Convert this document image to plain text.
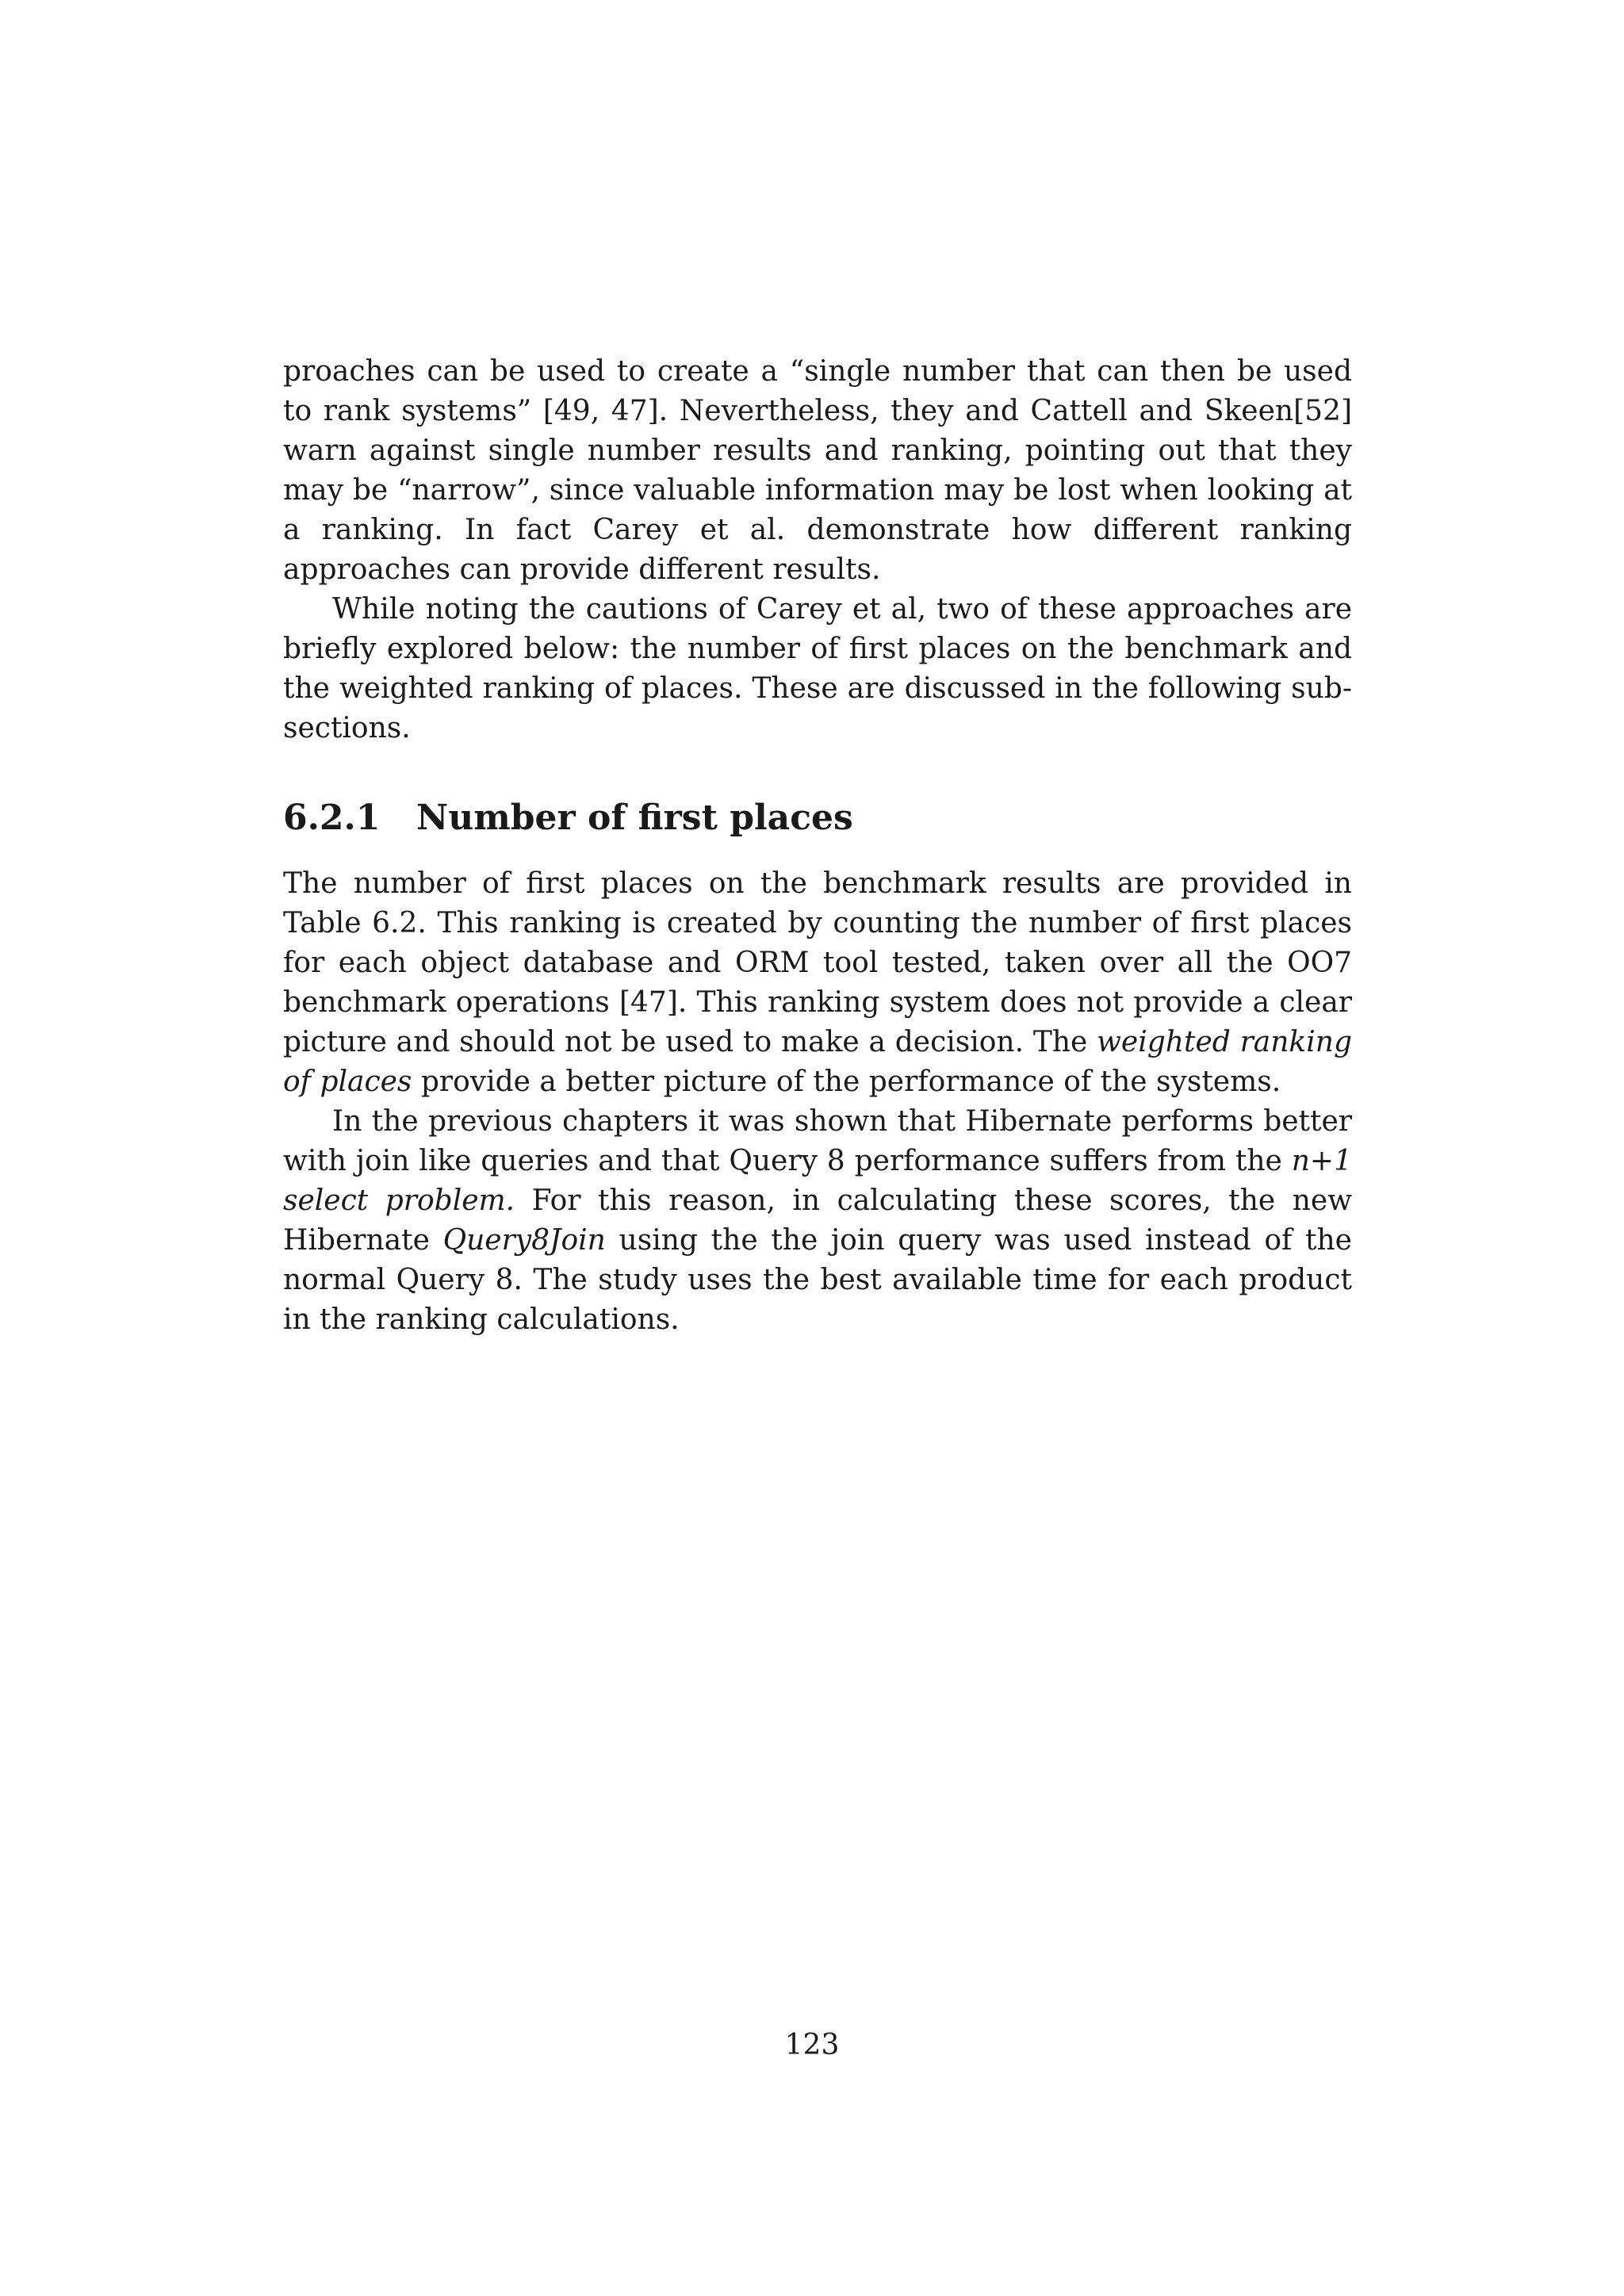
proaches can be used to create a “single number that can then be used to rank systems” [49, 47]. Nevertheless, they and Cattell and Skeen[52] warn against single number results and ranking, pointing out that they may be “narrow”, since valuable information may be lost when looking at a ranking. In fact Carey et al. demonstrate how different ranking approaches can provide different results.

While noting the cautions of Carey et al, two of these approaches are briefly explored below: the number of first places on the benchmark and the weighted ranking of places. These are discussed in the following sub-sections.

6.2.1	Number of first places

The number of first places on the benchmark results are provided in Table 6.2. This ranking is created by counting the number of first places for each object database and ORM tool tested, taken over all the OO7 benchmark operations [47]. This ranking system does not provide a clear picture and should not be used to make a decision. The weighted ranking of places provide a better picture of the performance of the systems.

In the previous chapters it was shown that Hibernate performs better with join like queries and that Query 8 performance suffers from the n+1 select problem. For this reason, in calculating these scores, the new Hibernate Query8Join using the the join query was used instead of the normal Query 8. The study uses the best available time for each product in the ranking calculations.

123
